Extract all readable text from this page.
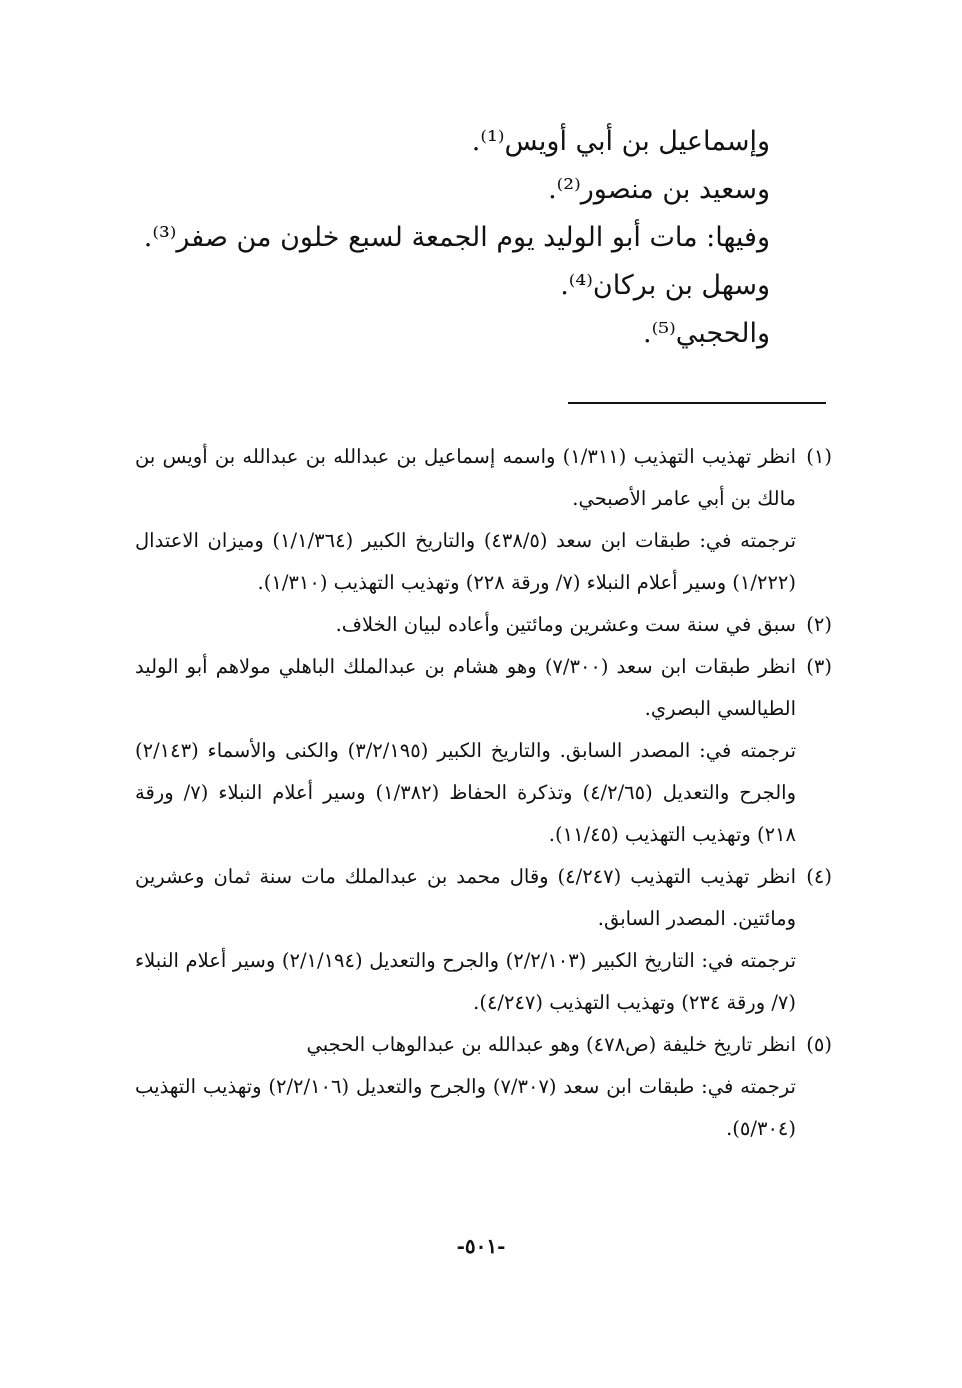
وإسماعيل بن أبي أويس⁽¹⁾.
وسعيد بن منصور⁽²⁾.
وفيها: مات أبو الوليد يوم الجمعة لسبع خلون من صفر⁽³⁾.
وسهل بن بركان⁽⁴⁾.
والحجبي⁽⁵⁾.
(١)

انظر تهذيب التهذيب (١/٣١١) واسمه إسماعيل بن عبدالله بن عبدالله بن أويس بن مالك بن أبي عامر الأصبحي.

ترجمته في: طبقات ابن سعد (٤٣٨/٥) والتاريخ الكبير (١/١/٣٦٤) وميزان الاعتدال (١/٢٢٢) وسير أعلام النبلاء (٧/ ورقة ٢٢٨) وتهذيب التهذيب (١/٣١٠).

(٢)

سبق في سنة ست وعشرين ومائتين وأعاده لبيان الخلاف.

(٣)

انظر طبقات ابن سعد (٧/٣٠٠) وهو هشام بن عبدالملك الباهلي مولاهم أبو الوليد الطيالسي البصري.

ترجمته في: المصدر السابق. والتاريخ الكبير (٣/٢/١٩٥) والكنى والأسماء (٢/١٤٣) والجرح والتعديل (٤/٢/٦٥) وتذكرة الحفاظ (١/٣٨٢) وسير أعلام النبلاء (٧/ ورقة ٢١٨) وتهذيب التهذيب (١١/٤٥).

(٤)

انظر تهذيب التهذيب (٤/٢٤٧) وقال محمد بن عبدالملك مات سنة ثمان وعشرين ومائتين. المصدر السابق.

ترجمته في: التاريخ الكبير (٢/٢/١٠٣) والجرح والتعديل (٢/١/١٩٤) وسير أعلام النبلاء (٧/ ورقة ٢٣٤) وتهذيب التهذيب (٤/٢٤٧).

(٥)

انظر تاريخ خليفة (ص٤٧٨) وهو عبدالله بن عبدالوهاب الحجبي

ترجمته في: طبقات ابن سعد (٧/٣٠٧) والجرح والتعديل (٢/٢/١٠٦) وتهذيب التهذيب (٥/٣٠٤).

-٥٠١-
